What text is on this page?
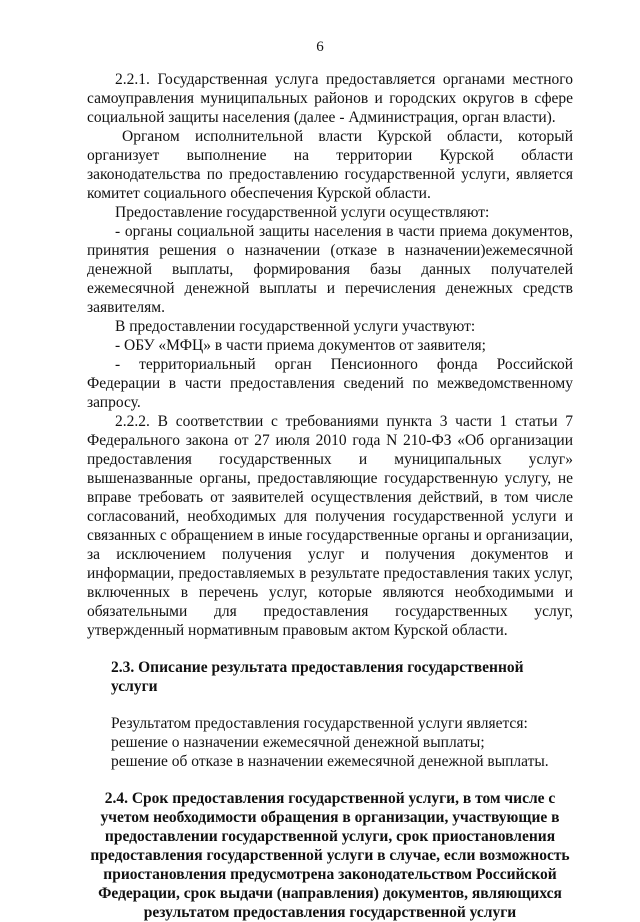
6

2.2.1. Государственная услуга предоставляется органами местного самоуправления муниципальных районов и городских округов в сфере социальной защиты населения (далее - Администрация, орган власти).

Органом исполнительной власти Курской области, который организует выполнение на территории Курской области законодательства по предоставлению государственной услуги, является комитет социального обеспечения Курской области.

Предоставление государственной услуги осуществляют:

- органы социальной защиты населения в части приема документов, принятия решения о назначении (отказе в назначении)ежемесячной денежной выплаты, формирования базы данных получателей ежемесячной денежной выплаты и перечисления денежных средств заявителям.

В предоставлении государственной услуги участвуют:

- ОБУ «МФЦ» в части приема документов от заявителя;

- территориальный орган Пенсионного фонда Российской Федерации в части предоставления сведений по межведомственному запросу.

2.2.2. В соответствии с требованиями пункта 3 части 1 статьи 7 Федерального закона от 27 июля 2010 года N 210-ФЗ «Об организации предоставления государственных и муниципальных услуг» вышеназванные органы, предоставляющие государственную услугу, не вправе требовать от заявителей осуществления действий, в том числе согласований, необходимых для получения государственной услуги и связанных с обращением в иные государственные органы и организации, за исключением получения услуг и получения документов и информации, предоставляемых в результате предоставления таких услуг, включенных в перечень услуг, которые являются необходимыми и обязательными для предоставления государственных услуг, утвержденный нормативным правовым актом Курской области.

2.3. Описание результата предоставления государственной услуги

Результатом предоставления государственной услуги является:

решение о назначении ежемесячной денежной выплаты;

решение об отказе в назначении ежемесячной денежной выплаты.

2.4. Срок предоставления государственной услуги, в том числе с
учетом необходимости обращения в организации, участвующие в
предоставлении государственной услуги, срок приостановления
предоставления государственной услуги в случае, если возможность
приостановления предусмотрена законодательством Российской
Федерации, срок выдачи (направления) документов, являющихся
результатом предоставления государственной услуги
